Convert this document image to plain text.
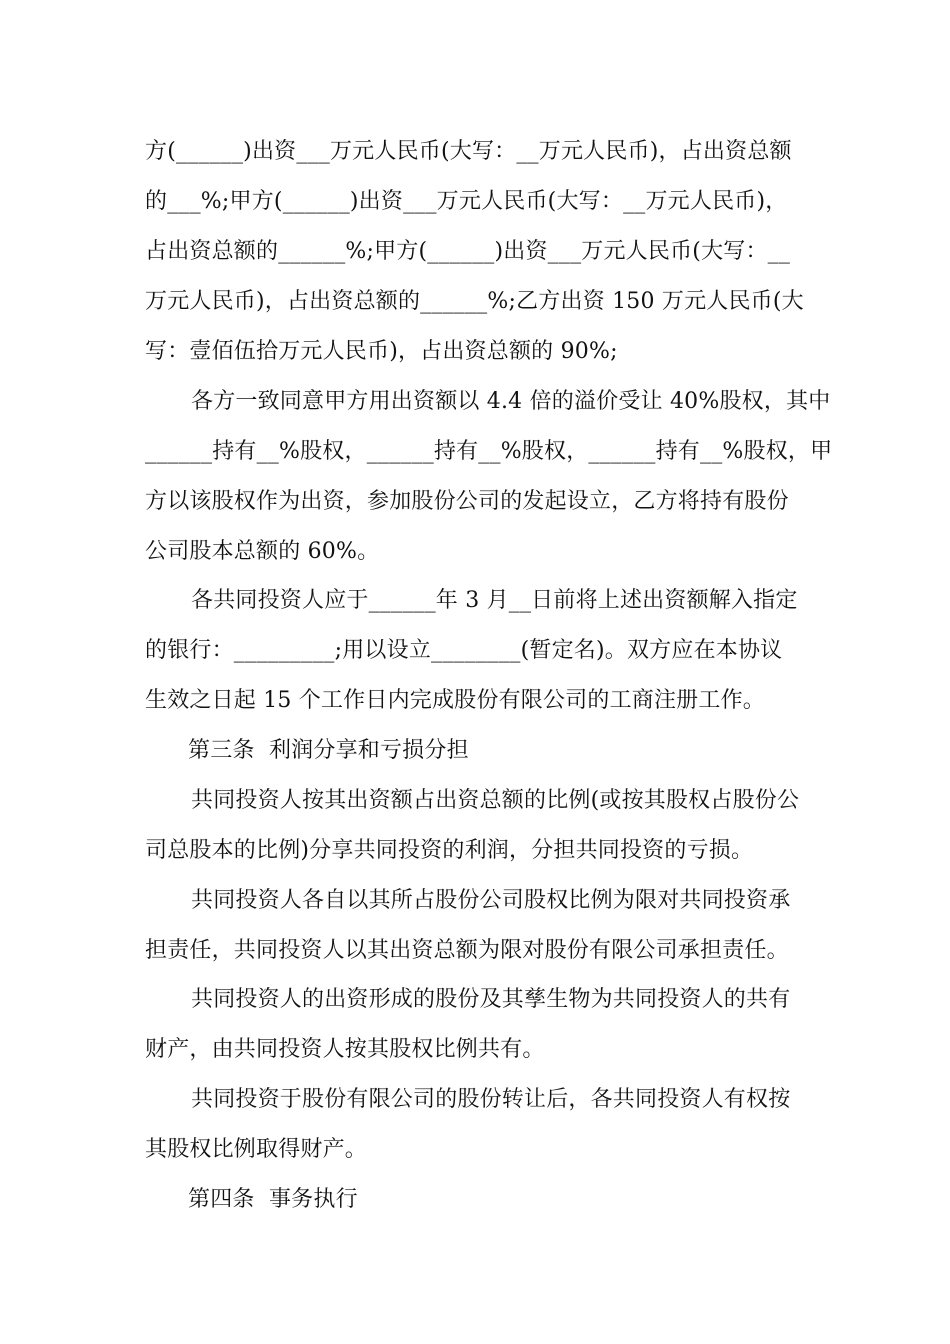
方(______)出资___万元人民币(大写：__万元人民币)，占出资总额
的___%;甲方(______)出资___万元人民币(大写：__万元人民币)，
占出资总额的______%;甲方(______)出资___万元人民币(大写：__
万元人民币)，占出资总额的______%;乙方出资 150 万元人民币(大
写：壹佰伍拾万元人民币)，占出资总额的 90%;
各方一致同意甲方用出资额以 4.4 倍的溢价受让 40%股权，其中
______持有__%股权，______持有__%股权，______持有__%股权，甲
方以该股权作为出资，参加股份公司的发起设立，乙方将持有股份
公司股本总额的 60%。
各共同投资人应于______年 3 月__日前将上述出资额解入指定
的银行：_________;用以设立________(暂定名)。双方应在本协议
生效之日起 15 个工作日内完成股份有限公司的工商注册工作。
第三条  利润分享和亏损分担
共同投资人按其出资额占出资总额的比例(或按其股权占股份公
司总股本的比例)分享共同投资的利润，分担共同投资的亏损。
共同投资人各自以其所占股份公司股权比例为限对共同投资承
担责任，共同投资人以其出资总额为限对股份有限公司承担责任。
共同投资人的出资形成的股份及其孳生物为共同投资人的共有
财产，由共同投资人按其股权比例共有。
共同投资于股份有限公司的股份转让后，各共同投资人有权按
其股权比例取得财产。
第四条  事务执行
